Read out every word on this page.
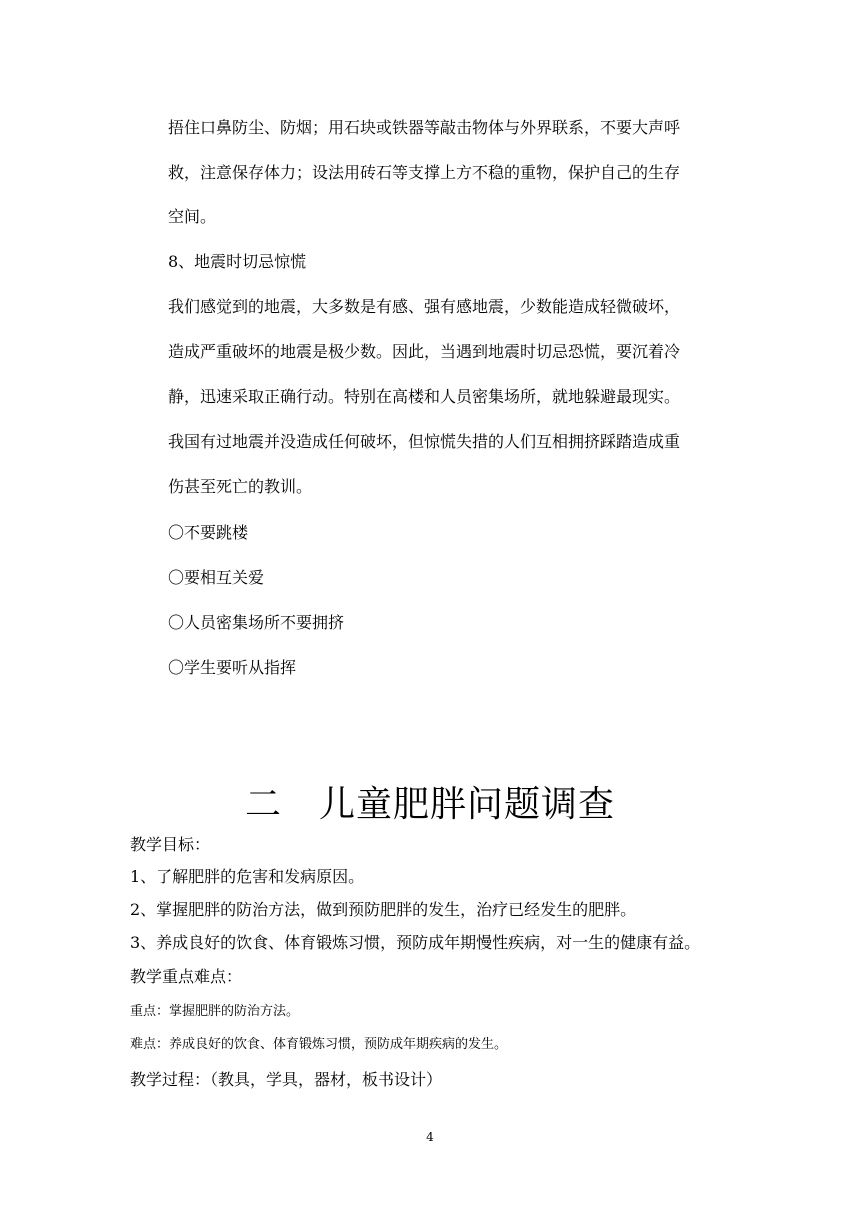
捂住口鼻防尘、防烟；用石块或铁器等敲击物体与外界联系，不要大声呼
救，注意保存体力；设法用砖石等支撑上方不稳的重物，保护自己的生存
空间。
8、地震时切忌惊慌
我们感觉到的地震，大多数是有感、强有感地震，少数能造成轻微破坏，
造成严重破坏的地震是极少数。因此，当遇到地震时切忌恐慌，要沉着冷
静，迅速采取正确行动。特别在高楼和人员密集场所，就地躲避最现实。
我国有过地震并没造成任何破坏，但惊慌失措的人们互相拥挤踩踏造成重
伤甚至死亡的教训。
〇不要跳楼
〇要相互关爱
〇人员密集场所不要拥挤
〇学生要听从指挥
二　儿童肥胖问题调查
教学目标：
1、了解肥胖的危害和发病原因。
2、掌握肥胖的防治方法，做到预防肥胖的发生，治疗已经发生的肥胖。
3、养成良好的饮食、体育锻炼习惯，预防成年期慢性疾病，对一生的健康有益。
教学重点难点：
重点：掌握肥胖的防治方法。
难点：养成良好的饮食、体育锻炼习惯，预防成年期疾病的发生。
教学过程：（教具，学具，器材，板书设计）
4
